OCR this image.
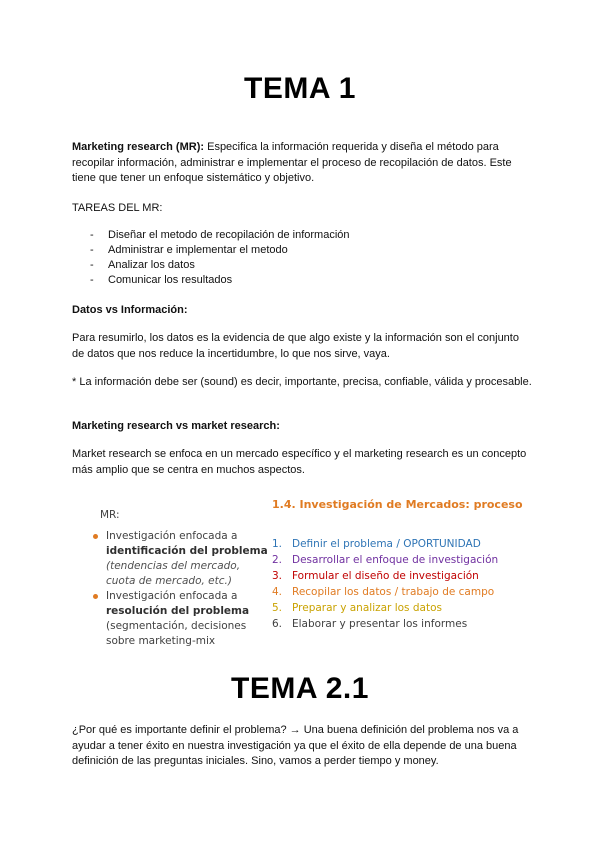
TEMA 1
Marketing research (MR): Especifica la información requerida y diseña el método para recopilar información, administrar e implementar el proceso de recopilación de datos. Este tiene que tener un enfoque sistemático y objetivo.
TAREAS DEL MR:
- Diseñar el metodo de recopilación de información
- Administrar e implementar el metodo
- Analizar los datos
- Comunicar los resultados
Datos vs Información:
Para resumirlo, los datos es la evidencia de que algo existe y la información son el conjunto de datos que nos reduce la incertidumbre, lo que nos sirve, vaya.
* La información debe ser (sound) es decir, importante, precisa, confiable, válida y procesable.
Marketing research vs market research:
Market research se enfoca en un mercado específico y el marketing research es un concepto más amplio que se centra en muchos aspectos.
MR:
Investigación enfocada a
identificación del problema
(tendencias del mercado, cuota de mercado, etc.)
Investigación enfocada a
resolución del problema
(segmentación, decisiones sobre marketing-mix
1.4. Investigación de Mercados: proceso
1. Definir el problema / OPORTUNIDAD
2. Desarrollar el enfoque de investigación
3. Formular el diseño de investigación
4. Recopilar los datos / trabajo de campo
5. Preparar y analizar los datos
6. Elaborar y presentar los informes
TEMA 2.1
¿Por qué es importante definir el problema? → Una buena definición del problema nos va a ayudar a tener éxito en nuestra investigación ya que el éxito de ella depende de una buena definición de las preguntas iniciales. Sino, vamos a perder tiempo y money.
